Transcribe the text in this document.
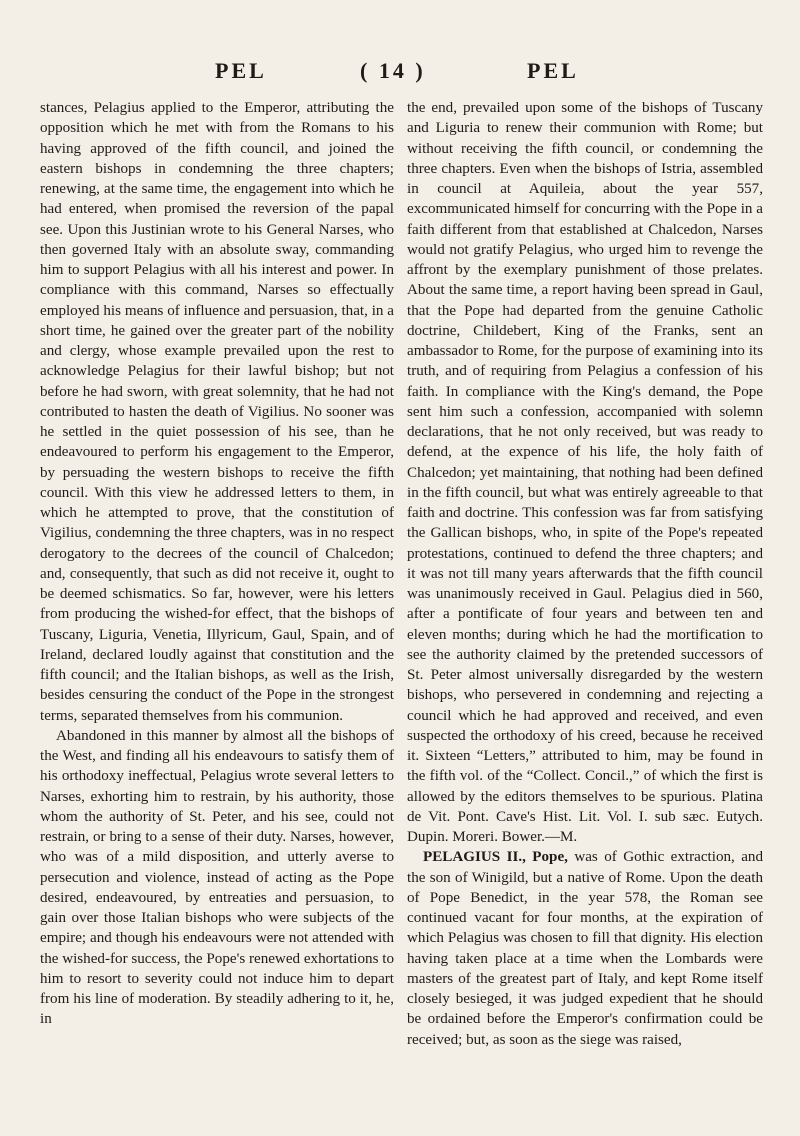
PEL	( 14 )	PEL

stances, Pelagius applied to the Emperor, attributing the opposition which he met with from the Romans to his having approved of the fifth council, and joined the eastern bishops in condemning the three chapters; renewing, at the same time, the engagement into which he had entered, when promised the reversion of the papal see. Upon this Justinian wrote to his General Narses, who then governed Italy with an absolute sway, commanding him to support Pelagius with all his interest and power. In compliance with this command, Narses so effectually employed his means of influence and persuasion, that, in a short time, he gained over the greater part of the nobility and clergy, whose example prevailed upon the rest to acknowledge Pelagius for their lawful bishop; but not before he had sworn, with great solemnity, that he had not contributed to hasten the death of Vigilius. No sooner was he settled in the quiet possession of his see, than he endeavoured to perform his engagement to the Emperor, by persuading the western bishops to receive the fifth council. With this view he addressed letters to them, in which he attempted to prove, that the constitution of Vigilius, condemning the three chapters, was in no respect derogatory to the decrees of the council of Chalcedon; and, consequently, that such as did not receive it, ought to be deemed schismatics. So far, however, were his letters from producing the wished-for effect, that the bishops of Tuscany, Liguria, Venetia, Illyricum, Gaul, Spain, and of Ireland, declared loudly against that constitution and the fifth council; and the Italian bishops, as well as the Irish, besides censuring the conduct of the Pope in the strongest terms, separated themselves from his communion.

Abandoned in this manner by almost all the bishops of the West, and finding all his endeavours to satisfy them of his orthodoxy ineffectual, Pelagius wrote several letters to Narses, exhorting him to restrain, by his authority, those whom the authority of St. Peter, and his see, could not restrain, or bring to a sense of their duty. Narses, however, who was of a mild disposition, and utterly averse to persecution and violence, instead of acting as the Pope desired, endeavoured, by entreaties and persuasion, to gain over those Italian bishops who were subjects of the empire; and though his endeavours were not attended with the wished-for success, the Pope's renewed exhortations to him to resort to severity could not induce him to depart from his line of moderation. By steadily adhering to it, he, in

the end, prevailed upon some of the bishops of Tuscany and Liguria to renew their communion with Rome; but without receiving the fifth council, or condemning the three chapters. Even when the bishops of Istria, assembled in council at Aquileia, about the year 557, excommunicated himself for concurring with the Pope in a faith different from that established at Chalcedon, Narses would not gratify Pelagius, who urged him to revenge the affront by the exemplary punishment of those prelates. About the same time, a report having been spread in Gaul, that the Pope had departed from the genuine Catholic doctrine, Childebert, King of the Franks, sent an ambassador to Rome, for the purpose of examining into its truth, and of requiring from Pelagius a confession of his faith. In compliance with the King's demand, the Pope sent him such a confession, accompanied with solemn declarations, that he not only received, but was ready to defend, at the expence of his life, the holy faith of Chalcedon; yet maintaining, that nothing had been defined in the fifth council, but what was entirely agreeable to that faith and doctrine. This confession was far from satisfying the Gallican bishops, who, in spite of the Pope's repeated protestations, continued to defend the three chapters; and it was not till many years afterwards that the fifth council was unanimously received in Gaul. Pelagius died in 560, after a pontificate of four years and between ten and eleven months; during which he had the mortification to see the authority claimed by the pretended successors of St. Peter almost universally disregarded by the western bishops, who persevered in condemning and rejecting a council which he had approved and received, and even suspected the orthodoxy of his creed, because he received it. Sixteen “Letters,” attributed to him, may be found in the fifth vol. of the “Collect. Concil.,” of which the first is allowed by the editors themselves to be spurious. Platina de Vit. Pont. Cave's Hist. Lit. Vol. I. sub sæc. Eutych. Dupin. Moreri. Bower.—M.

PELAGIUS II., Pope, was of Gothic extraction, and the son of Winigild, but a native of Rome. Upon the death of Pope Benedict, in the year 578, the Roman see continued vacant for four months, at the expiration of which Pelagius was chosen to fill that dignity. His election having taken place at a time when the Lombards were masters of the greatest part of Italy, and kept Rome itself closely besieged, it was judged expedient that he should be ordained before the Emperor's confirmation could be received; but, as soon as the siege was raised,
